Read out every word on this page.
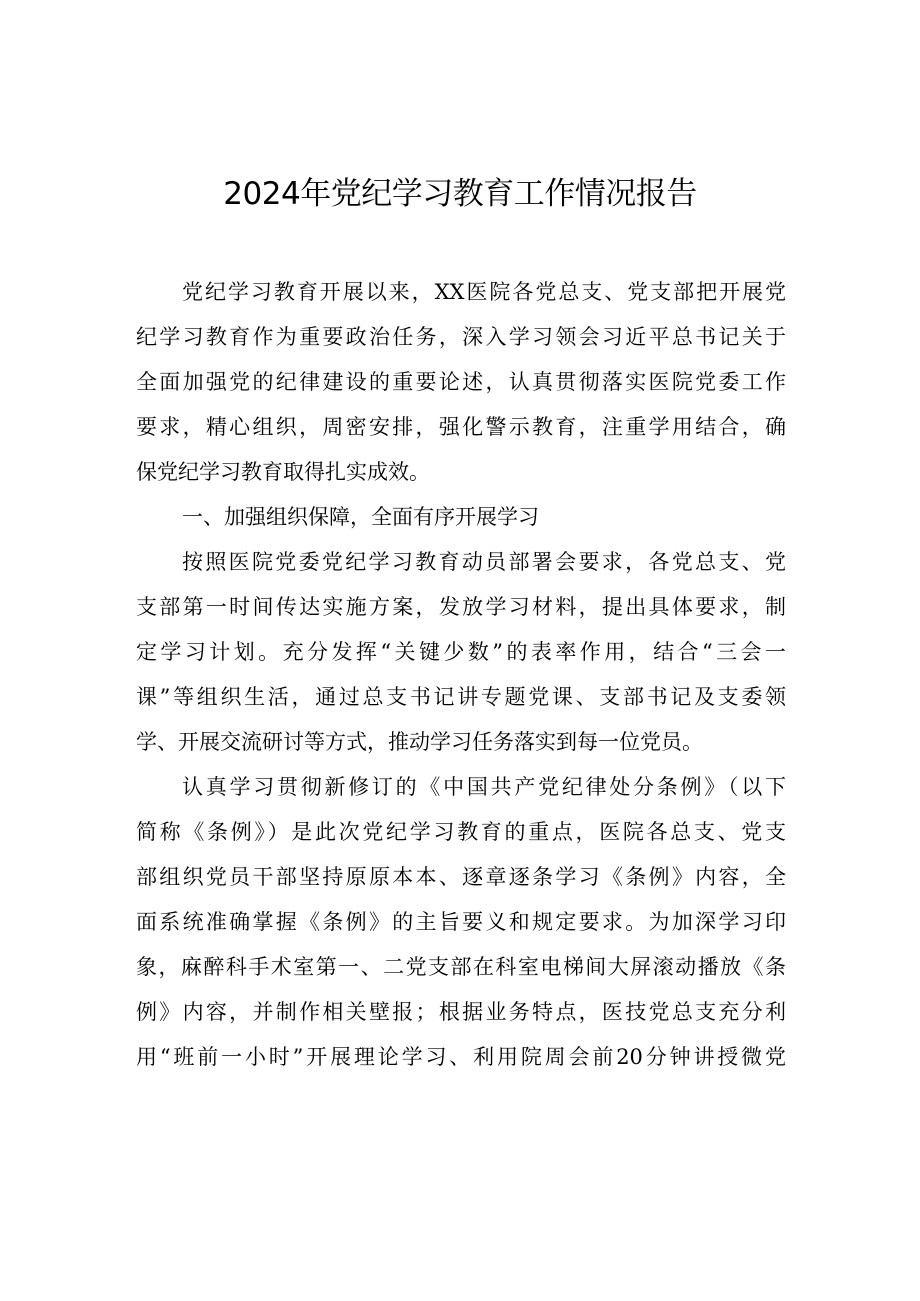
2024年党纪学习教育工作情况报告

党纪学习教育开展以来，XX医院各党总支、党支部把开展党

纪学习教育作为重要政治任务，深入学习领会习近平总书记关于

全面加强党的纪律建设的重要论述，认真贯彻落实医院党委工作

要求，精心组织，周密安排，强化警示教育，注重学用结合，确

保党纪学习教育取得扎实成效。

一、加强组织保障，全面有序开展学习

按照医院党委党纪学习教育动员部署会要求，各党总支、党

支部第一时间传达实施方案，发放学习材料，提出具体要求，制

定学习计划。充分发挥“关键少数”的表率作用，结合“三会一

课”等组织生活，通过总支书记讲专题党课、支部书记及支委领

学、开展交流研讨等方式，推动学习任务落实到每一位党员。

认真学习贯彻新修订的《中国共产党纪律处分条例》（以下

简称《条例》）是此次党纪学习教育的重点，医院各总支、党支

部组织党员干部坚持原原本本、逐章逐条学习《条例》内容，全

面系统准确掌握《条例》的主旨要义和规定要求。为加深学习印

象，麻醉科手术室第一、二党支部在科室电梯间大屏滚动播放《条

例》内容，并制作相关壁报；根据业务特点，医技党总支充分利

用“班前一小时”开展理论学习、利用院周会前20分钟讲授微党
